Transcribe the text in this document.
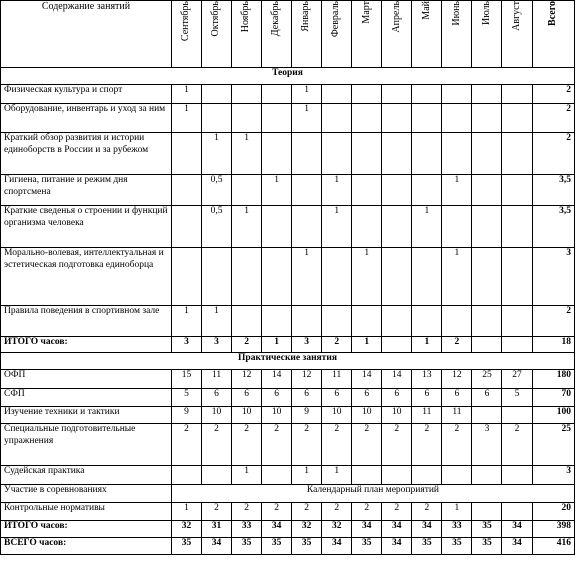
Содержание занятий	Сентябрь	Октябрь	Ноябрь	Декабрь	Январь	Февраль	Март	Апрель	Май	Июнь	Июль	Август	Всего
Теория													
Физическая культура и спорт	1				1								2
Оборудование, инвентарь и уход за ним	1				1								2
Краткий обзор развития и истории единоборств в России и за рубежом		1	1										2
Гигиена, питание и режим дня спортсмена		0,5		1		1				1			3,5
Краткие сведенья о строении и функций организма человека		0,5	1			1			1				3,5
Морально-волевая, интеллектуальная и эстетическая подготовка единоборца					1		1			1			3
Правила поведения в спортивном зале	1	1											2
ИТОГО часов:	3	3	2	1	3	2	1		1	2			18
Практические занятия													
ОФП	15	11	12	14	12	11	14	14	13	12	25	27	180
СФП	5	6	6	6	6	6	6	6	6	6	6	5	70
Изучение техники и тактики	9	10	10	10	9	10	10	10	11	11			100
Специальные подготовительные упражнения	2	2	2	2	2	2	2	2	2	2	3	2	25
Судейская практика			1		1	1							3
Участие в соревнованиях	Календарный план мероприятий												
Контрольные нормативы	1	2	2	2	2	2	2	2	2	1			20
ИТОГО часов:	32	31	33	34	32	32	34	34	34	33	35	34	398
ВСЕГО часов:	35	34	35	35	35	34	35	34	35	35	35	34	416
